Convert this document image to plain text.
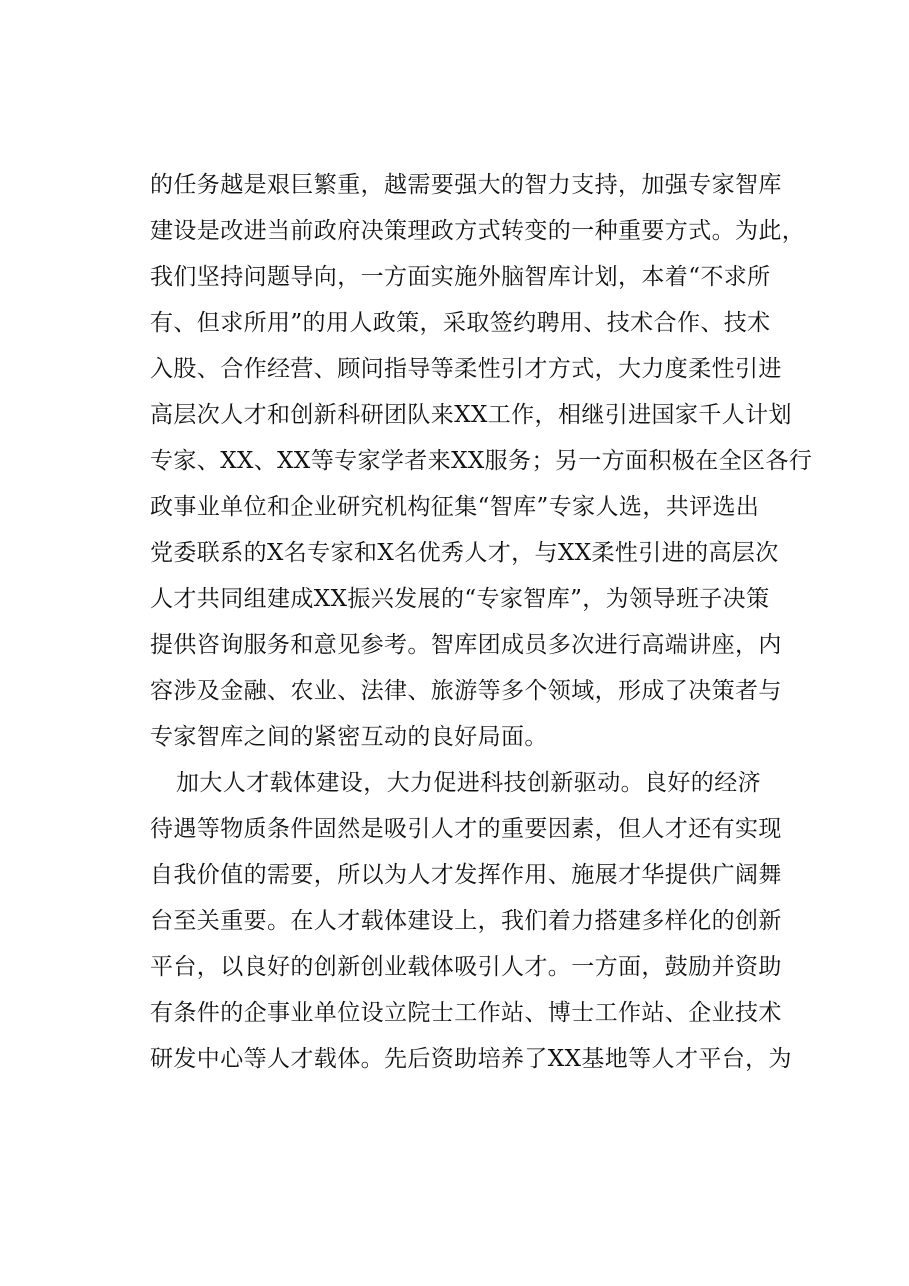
的任务越是艰巨繁重，越需要强大的智力支持，加强专家智库
建设是改进当前政府决策理政方式转变的一种重要方式。为此，
我们坚持问题导向，一方面实施外脑智库计划，本着“不求所
有、但求所用”的用人政策，采取签约聘用、技术合作、技术
入股、合作经营、顾问指导等柔性引才方式，大力度柔性引进
高层次人才和创新科研团队来XX工作，相继引进国家千人计划
专家、XX、XX等专家学者来XX服务；另一方面积极在全区各行
政事业单位和企业研究机构征集“智库”专家人选，共评选出
党委联系的X名专家和X名优秀人才，与XX柔性引进的高层次
人才共同组建成XX振兴发展的“专家智库”，为领导班子决策
提供咨询服务和意见参考。智库团成员多次进行高端讲座，内
容涉及金融、农业、法律、旅游等多个领域，形成了决策者与
专家智库之间的紧密互动的良好局面。
加大人才载体建设，大力促进科技创新驱动。良好的经济
待遇等物质条件固然是吸引人才的重要因素，但人才还有实现
自我价值的需要，所以为人才发挥作用、施展才华提供广阔舞
台至关重要。在人才载体建设上，我们着力搭建多样化的创新
平台，以良好的创新创业载体吸引人才。一方面，鼓励并资助
有条件的企事业单位设立院士工作站、博士工作站、企业技术
研发中心等人才载体。先后资助培养了XX基地等人才平台，为
